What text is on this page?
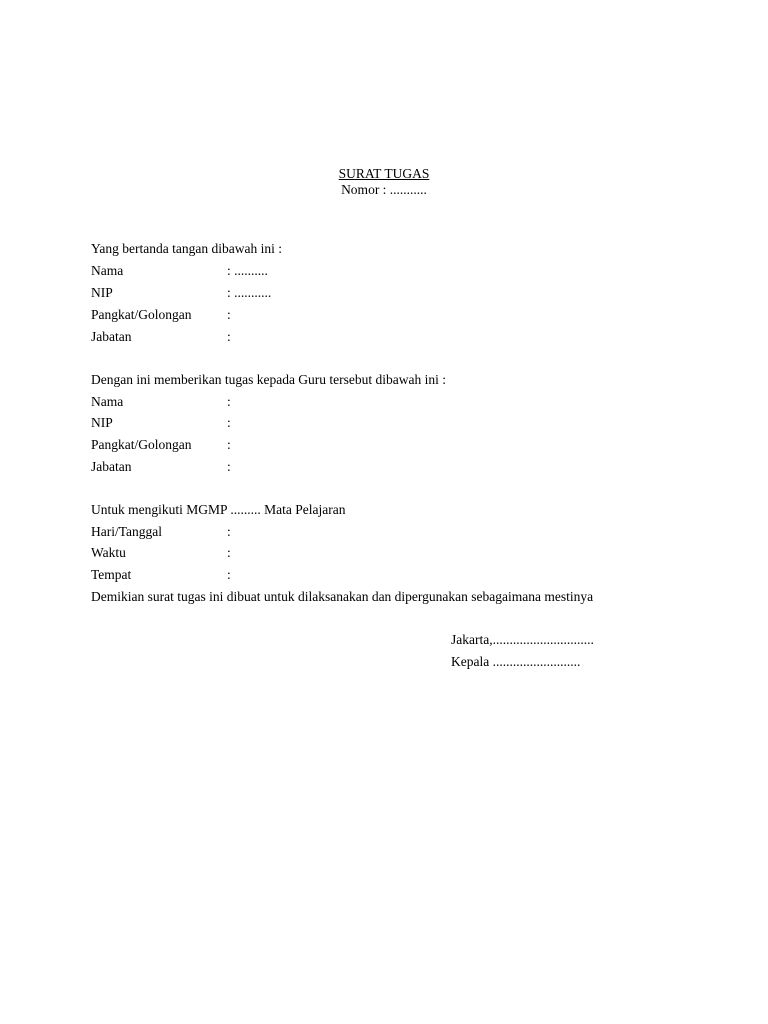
SURAT TUGAS
Nomor : ...........
Yang bertanda tangan dibawah ini :
Nama	: ..........
NIP	: ...........
Pangkat/Golongan	:
Jabatan	:
Dengan ini memberikan tugas kepada Guru tersebut dibawah ini :
Nama	:
NIP	:
Pangkat/Golongan	:
Jabatan	:
Untuk mengikuti MGMP ......... Mata Pelajaran
Hari/Tanggal	:
Waktu	:
Tempat	:
Demikian surat tugas ini dibuat untuk dilaksanakan dan dipergunakan sebagaimana mestinya
Jakarta,..............................
Kepala ..........................
